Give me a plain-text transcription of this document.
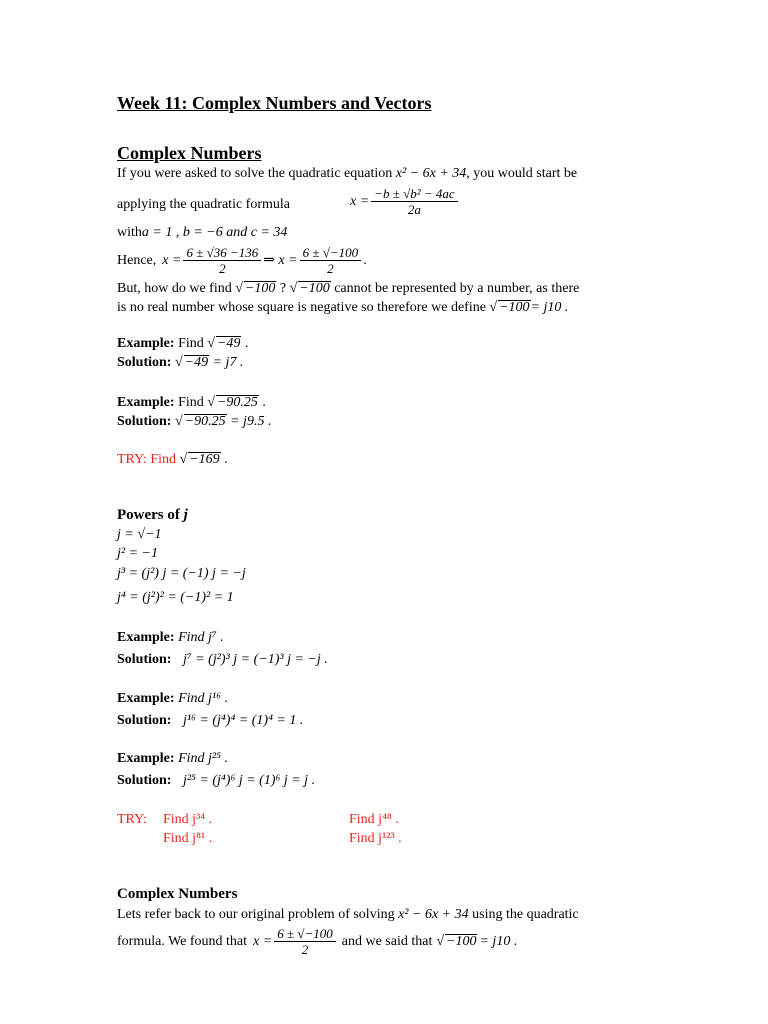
Week 11: Complex Numbers and Vectors
Complex Numbers
If you were asked to solve the quadratic equation x² − 6x + 34, you would start be
applying the quadratic formula	$x = \frac{\text{−b ± √b² − 4ac}}{2a}$
witha = 1 , b = −6 and c = 34
Hence, $x = \frac{6 \pm √36 -136}{2}$ ⇒ $x = \frac{6 \pm √-100}{2}$ .
But, how do we find √ −100 ? √ −100 cannot be represented by a number, as there
is no real number whose square is negative so therefore we define √ −100= j10 .
Example: Find √ −49 .
Solution: √ −49 = j7 .
Example: Find √ −90.25 .
Solution: √ −90.25 = j9.5 .
TRY: Find √ −169 .
Powers of j
j = √−1
j² = −1
j³ = (j²) j = (−1) j = −j
j⁴ = (j²)² = (−1)² = 1
Example: Find j⁷ .
Solution: j⁷ = (j²)³ j = (−1)³ j = −j .
Example: Find j¹⁶ .
Solution: j¹⁶ = (j⁴)⁴ = (1)⁴ = 1 .
Example: Find j²⁵ .
Solution: j²⁵ = (j⁴)⁶ j = (1)⁶ j = j .
TRY: Find j³⁴ .	Find j⁴⁸ .
Find j⁸¹ .	Find j¹²³ .
Complex Numbers
Lets refer back to our original problem of solving x² − 6x + 34 using the quadratic
formula. We found that $x = \frac{6 \pm √-100}{2}$ and we said that √ −100 = j10 .
